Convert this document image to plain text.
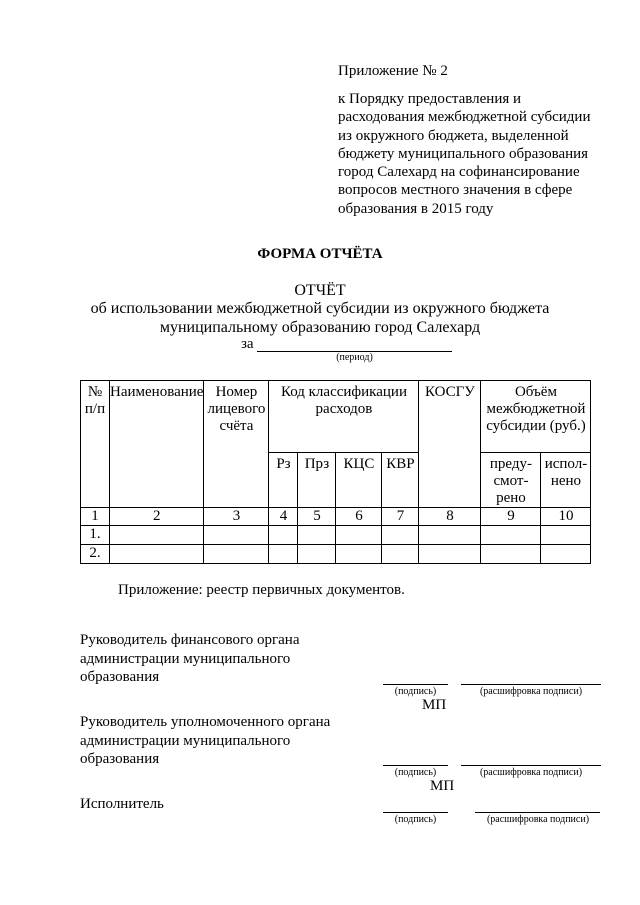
Приложение № 2
к Порядку предоставления и
расходования межбюджетной субсидии
из окружного бюджета, выделенной
бюджету муниципального образования
город Салехард на софинансирование
вопросов местного значения в сфере
образования в 2015 году
ФОРМА ОТЧЁТА
ОТЧЁТ
об использовании межбюджетной субсидии из окружного бюджета
муниципальному образованию город Салехард
за
(период)
№ п/п	Наименование	Номер лицевого счёта	Код классификации расходов				КОСГУ	Объём межбюджетной субсидии (руб.)	
			Рз	Прз	КЦС	КВР		преду-смот-рено	испол-нено
1	2	3	4	5	6	7	8	9	10
1.									
2.									
Приложение: реестр первичных документов.
Руководитель финансового органа
администрации муниципального
образования
(подпись)	(расшифровка подписи)
МП
Руководитель уполномоченного органа
администрации муниципального
образования
(подпись)	(расшифровка подписи)
МП
Исполнитель
(подпись)	(расшифровка подписи)
